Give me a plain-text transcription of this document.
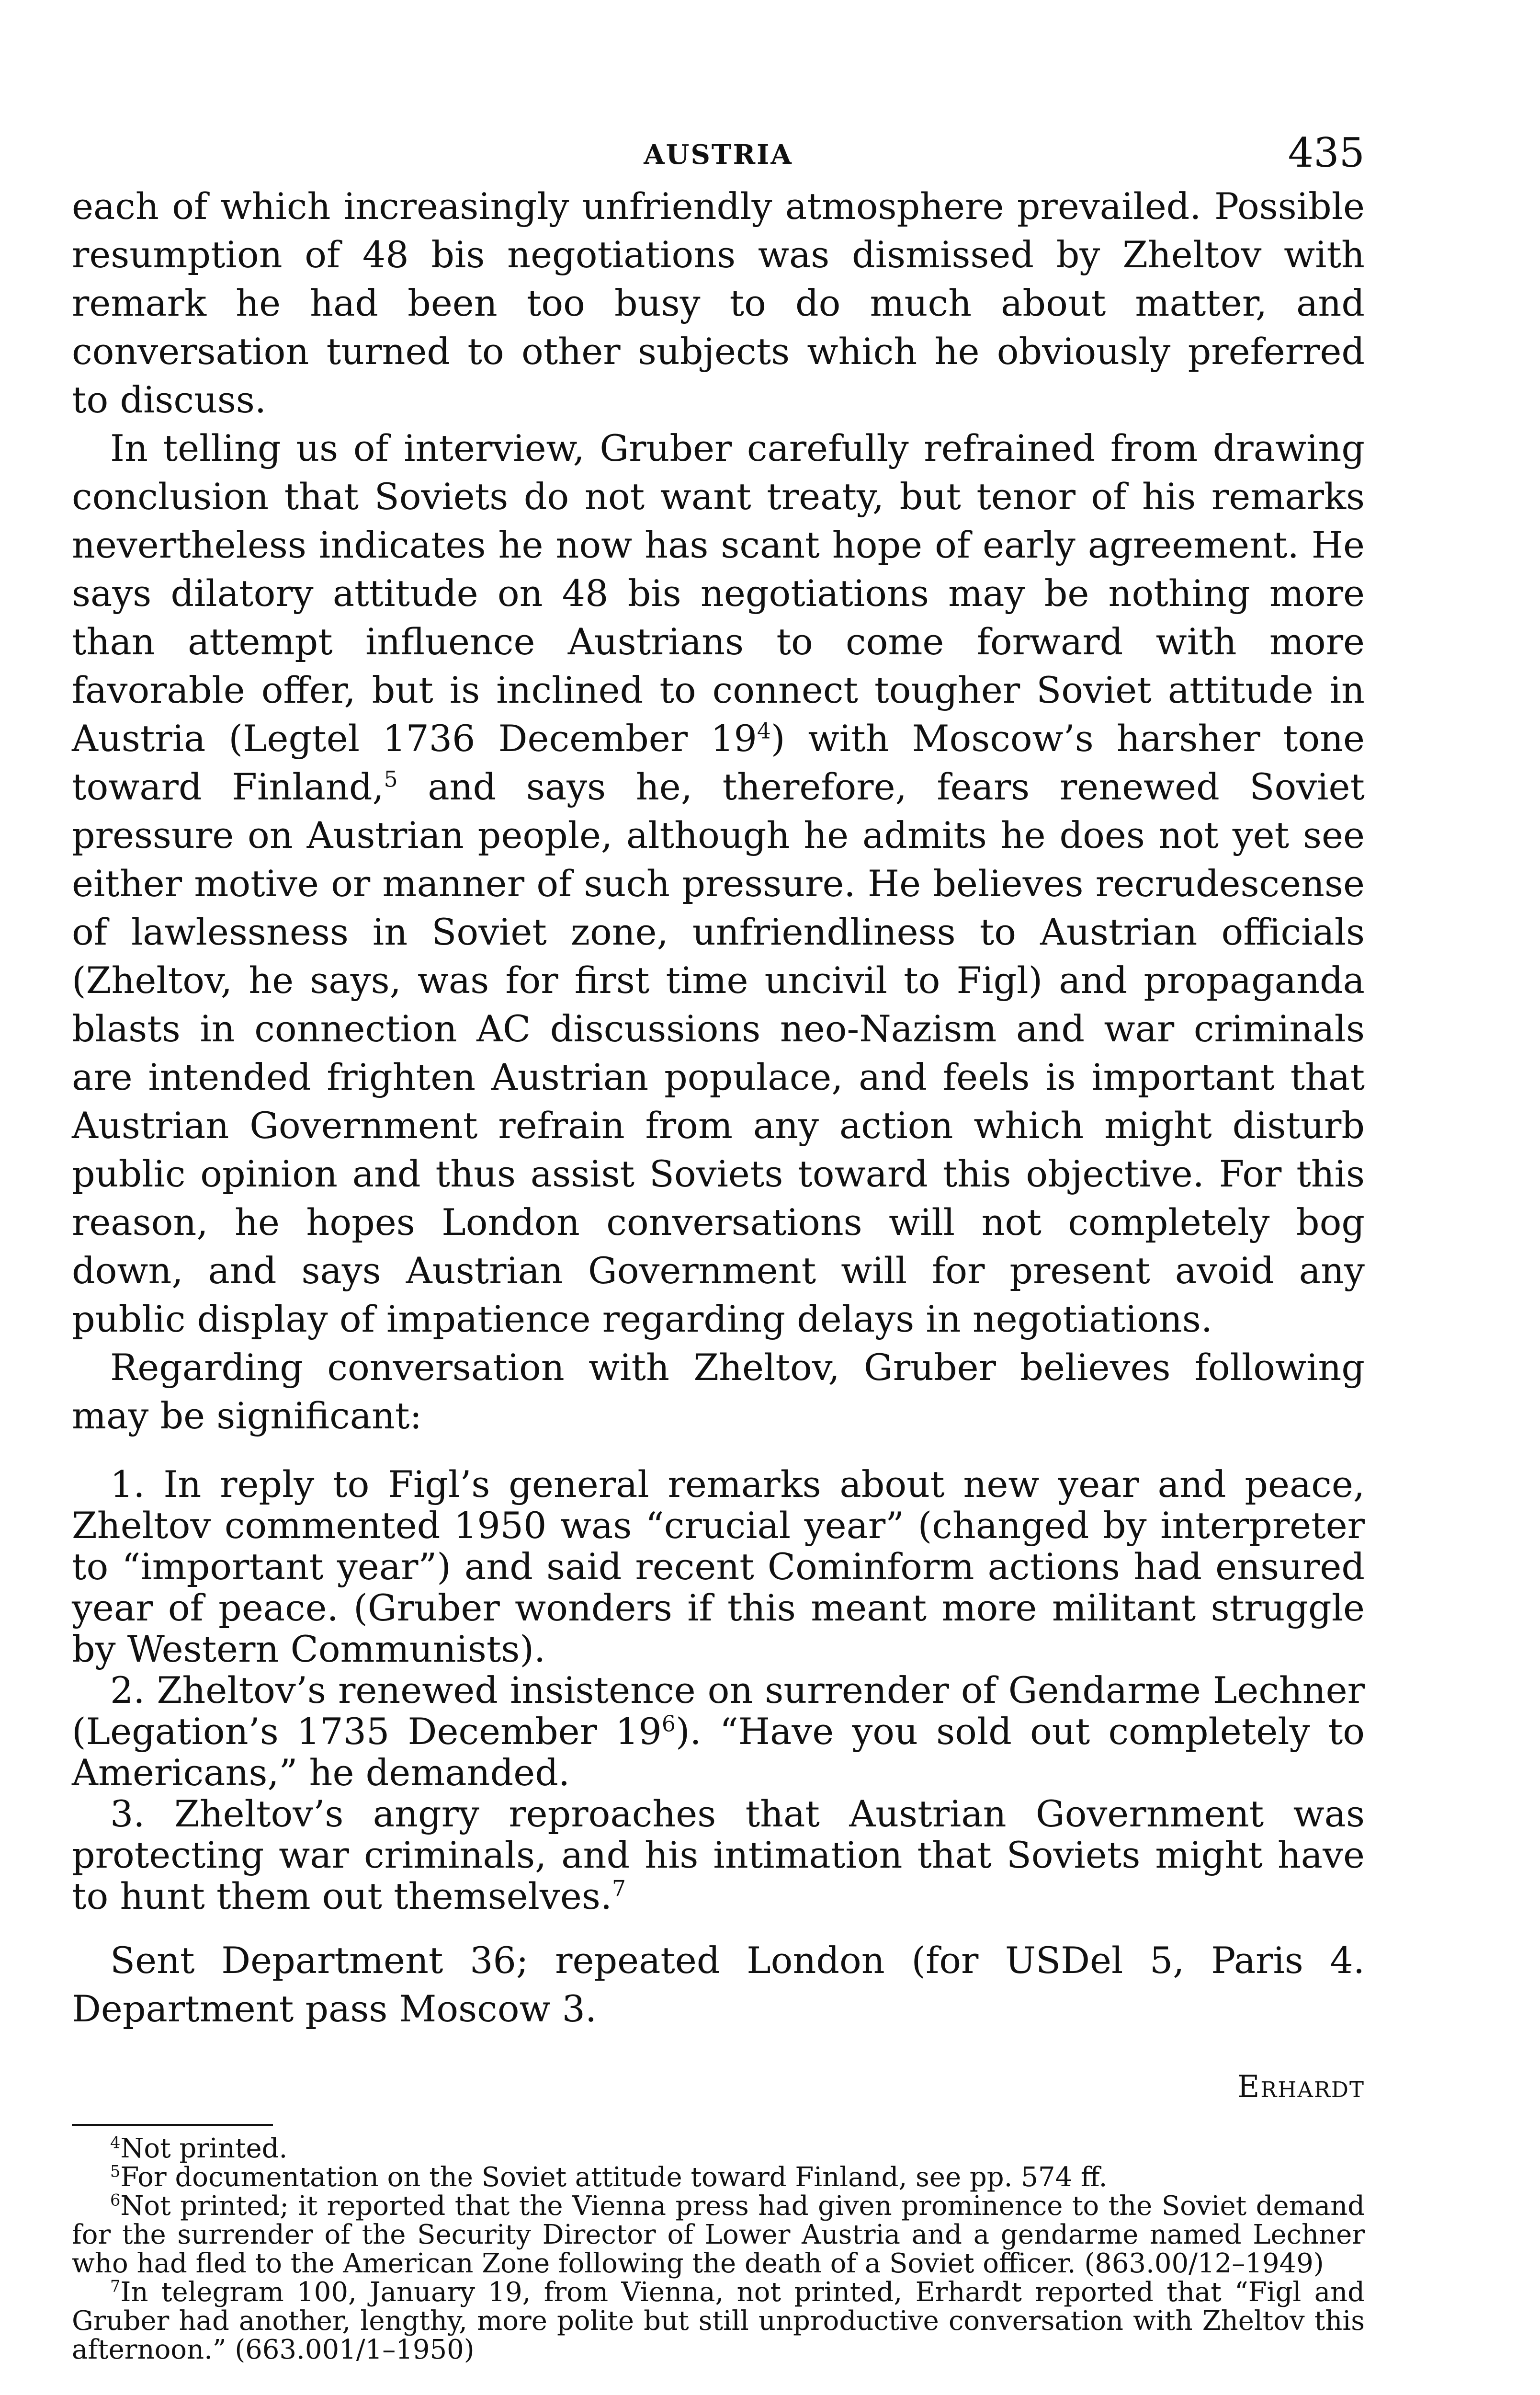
AUSTRIA	435

each of which increasingly unfriendly atmosphere prevailed. Possible resumption of 48 bis negotiations was dismissed by Zheltov with remark he had been too busy to do much about matter, and conversation turned to other subjects which he obviously preferred to discuss.

In telling us of interview, Gruber carefully refrained from drawing conclusion that Soviets do not want treaty, but tenor of his remarks nevertheless indicates he now has scant hope of early agreement. He says dilatory attitude on 48 bis negotiations may be nothing more than attempt influence Austrians to come forward with more favorable offer, but is inclined to connect tougher Soviet attitude in Austria (Legtel 1736 December $19^4$) with Moscow’s harsher tone toward Finland,$^5$ and says he, therefore, fears renewed Soviet pressure on Austrian people, although he admits he does not yet see either motive or manner of such pressure. He believes recrudescense of lawlessness in Soviet zone, unfriendliness to Austrian officials (Zheltov, he says, was for first time uncivil to Figl) and propaganda blasts in connection AC discussions neo-Nazism and war criminals are intended frighten Austrian populace, and feels is important that Austrian Government refrain from any action which might disturb public opinion and thus assist Soviets toward this objective. For this reason, he hopes London conversations will not completely bog down, and says Austrian Government will for present avoid any public display of impatience regarding delays in negotiations.

Regarding conversation with Zheltov, Gruber believes following may be significant:

1. In reply to Figl’s general remarks about new year and peace, Zheltov commented 1950 was “crucial year” (changed by interpreter to “important year”) and said recent Cominform actions had ensured year of peace. (Gruber wonders if this meant more militant struggle by Western Communists).

2. Zheltov’s renewed insistence on surrender of Gendarme Lechner (Legation’s 1735 December $19^6$). “Have you sold out completely to Americans,” he demanded.

3. Zheltov’s angry reproaches that Austrian Government was protecting war criminals, and his intimation that Soviets might have to hunt them out themselves.$^7$

Sent Department 36; repeated London (for USDel 5, Paris 4. Department pass Moscow 3.

Erhardt

$^4$Not printed.

$^5$For documentation on the Soviet attitude toward Finland, see pp. 574 ff.

$^6$Not printed; it reported that the Vienna press had given prominence to the Soviet demand for the surrender of the Security Director of Lower Austria and a gendarme named Lechner who had fled to the American Zone following the death of a Soviet officer. (863.00/12–1949)

$^7$In telegram 100, January 19, from Vienna, not printed, Erhardt reported that “Figl and Gruber had another, lengthy, more polite but still unproductive conversation with Zheltov this afternoon.” (663.001/1–1950)
